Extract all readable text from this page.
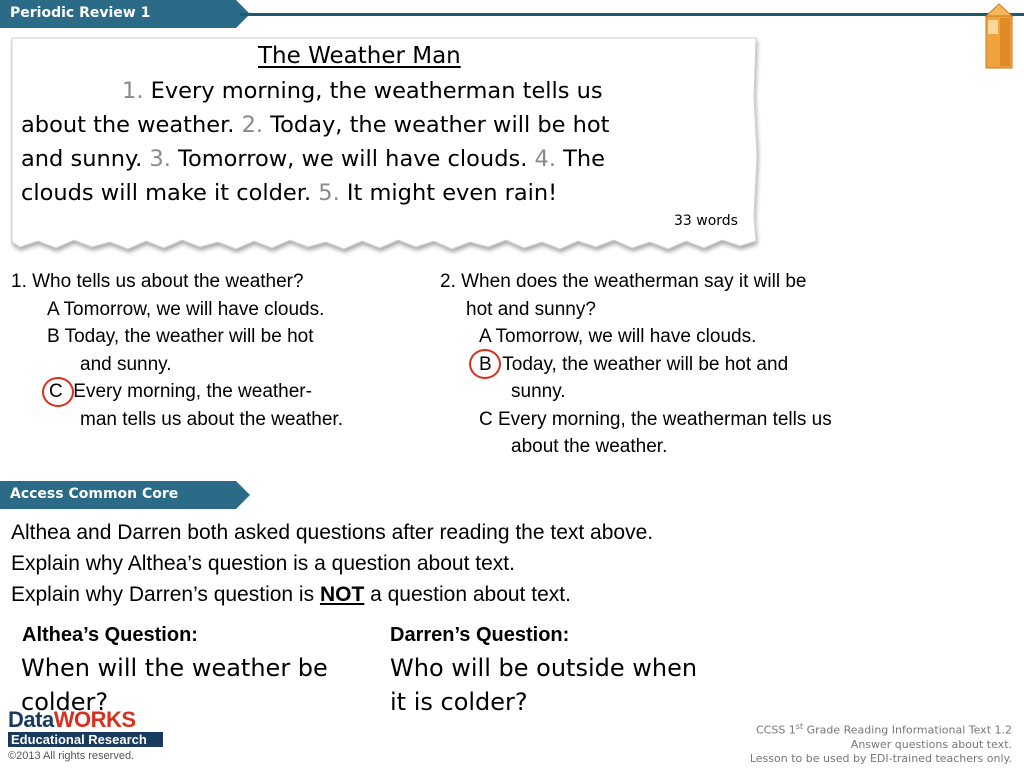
Periodic Review 1
The Weather Man
1. Every morning, the weatherman tells us
about the weather. 2. Today, the weather will be hot
and sunny. 3. Tomorrow, we will have clouds. 4. The
clouds will make it colder. 5. It might even rain!
33 words
1. Who tells us about the weather?
A Tomorrow, we will have clouds.
B Today, the weather will be hot
and sunny.
C Every morning, the weather-
man tells us about the weather.
2. When does the weatherman say it will be
hot and sunny?
A Tomorrow, we will have clouds.
B Today, the weather will be hot and
sunny.
C Every morning, the weatherman tells us
about the weather.
Access Common Core
Althea and Darren both asked questions after reading the text above.
Explain why Althea’s question is a question about text.
Explain why Darren’s question is NOT a question about text.
Althea’s Question:
When will the weather be
colder?
Darren’s Question:
Who will be outside when
it is colder?
DataWORKS
Educational Research
©2013 All rights reserved.
CCSS 1st Grade Reading Informational Text 1.2
Answer questions about text.
Lesson to be used by EDI-trained teachers only.
